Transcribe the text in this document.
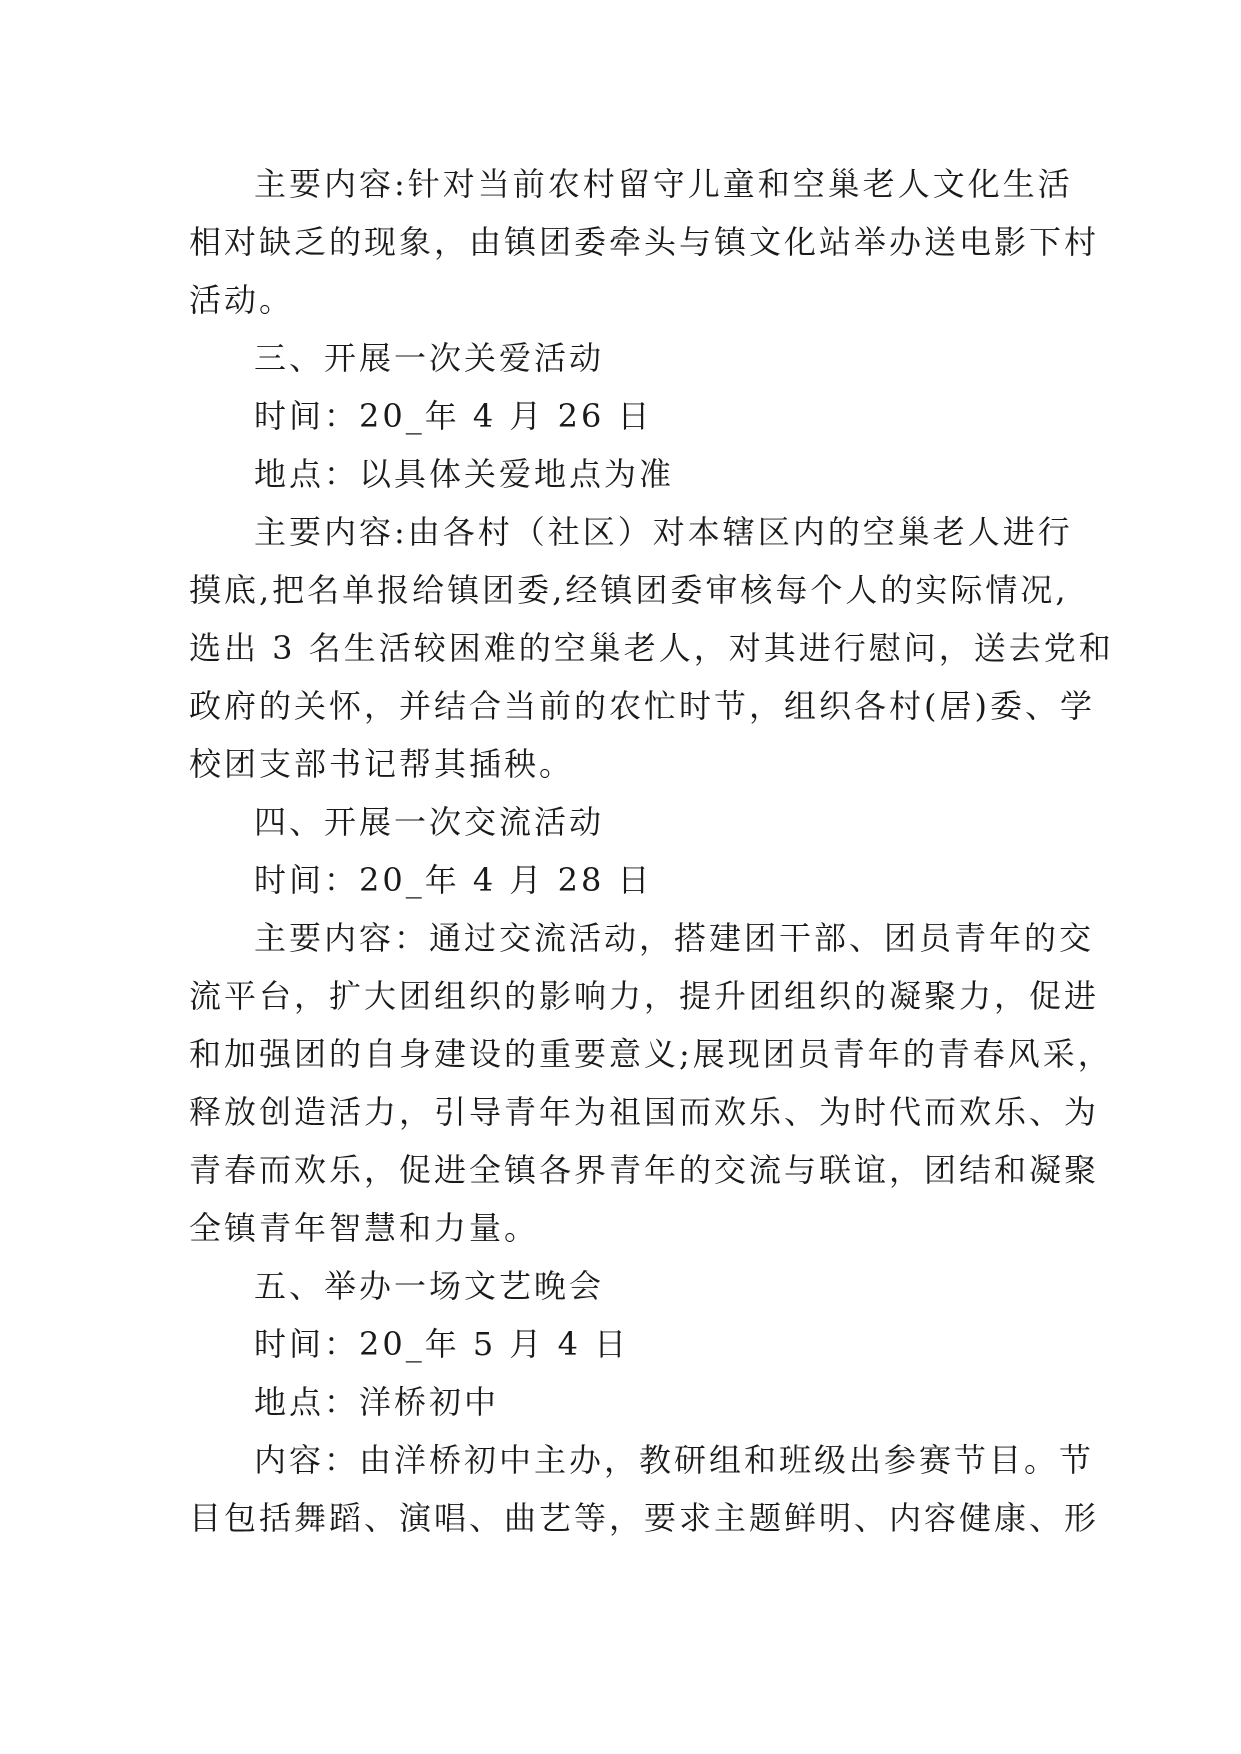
主要内容:针对当前农村留守儿童和空巢老人文化生活
相对缺乏的现象，由镇团委牵头与镇文化站举办送电影下村
活动。
三、开展一次关爱活动
时间：20_年 4 月 26 日
地点：以具体关爱地点为准
主要内容:由各村（社区）对本辖区内的空巢老人进行
摸底,把名单报给镇团委,经镇团委审核每个人的实际情况,
选出 3 名生活较困难的空巢老人，对其进行慰问，送去党和
政府的关怀，并结合当前的农忙时节，组织各村(居)委、学
校团支部书记帮其插秧。
四、开展一次交流活动
时间：20_年 4 月 28 日
主要内容：通过交流活动，搭建团干部、团员青年的交
流平台，扩大团组织的影响力，提升团组织的凝聚力，促进
和加强团的自身建设的重要意义;展现团员青年的青春风采，
释放创造活力，引导青年为祖国而欢乐、为时代而欢乐、为
青春而欢乐，促进全镇各界青年的交流与联谊，团结和凝聚
全镇青年智慧和力量。
五、举办一场文艺晚会
时间：20_年 5 月 4 日
地点：洋桥初中
内容：由洋桥初中主办，教研组和班级出参赛节目。节
目包括舞蹈、演唱、曲艺等，要求主题鲜明、内容健康、形
